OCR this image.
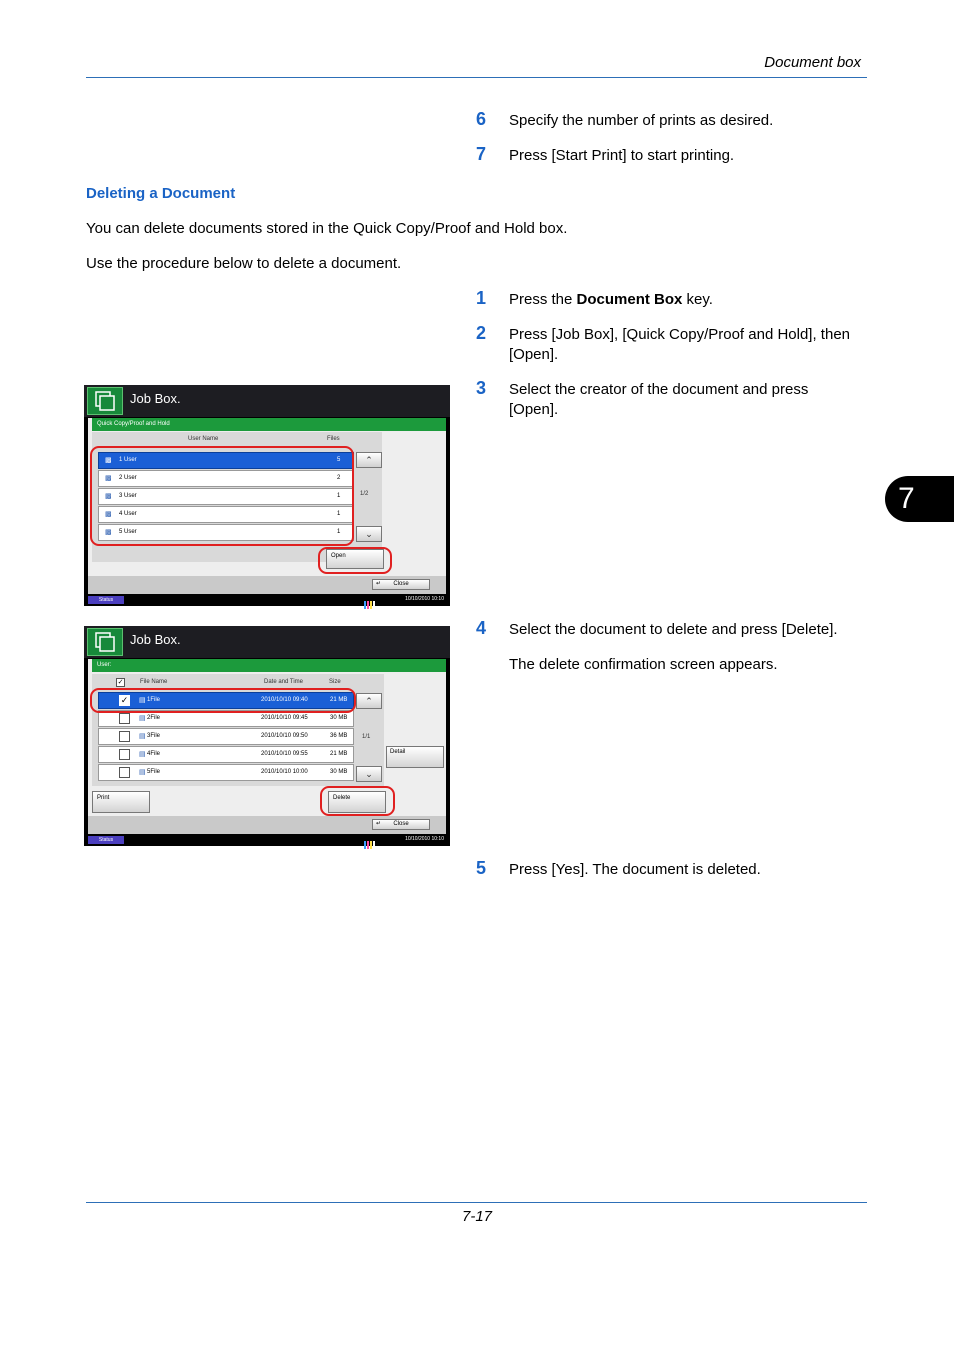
Document box
7
6 Specify the number of prints as desired.
7 Press [Start Print] to start printing.
Deleting a Document
You can delete documents stored in the Quick Copy/Proof and Hold box.
Use the procedure below to delete a document.
1 Press the Document Box key.
2 Press [Job Box], [Quick Copy/Proof and Hold], then [Open].
3 Select the creator of the document and press [Open].
4 Select the document to delete and press [Delete].
The delete confirmation screen appears.
5 Press [Yes]. The document is deleted.
Job Box.
Quick Copy/Proof and Hold
User Name	Files
▩ 1 User	5
▩ 2 User	2
▩ 3 User	1
▩ 4 User	1
▩ 5 User	1
⌃
1/2
⌄
Open
↵ Close
Status	10/10/2010 10:10
Job Box.
User:
✓	File Name	Date and Time	Size
✓ ▤ 1File	2010/10/10 09:40	21 MB
▤ 2File	2010/10/10 09:45	30 MB
▤ 3File	2010/10/10 09:50	36 MB
▤ 4File	2010/10/10 09:55	21 MB
▤ 5File	2010/10/10 10:00	30 MB
⌃
1/1
⌄
Detail
Print	Delete
↵ Close
Status	10/10/2010 10:10
7-17
